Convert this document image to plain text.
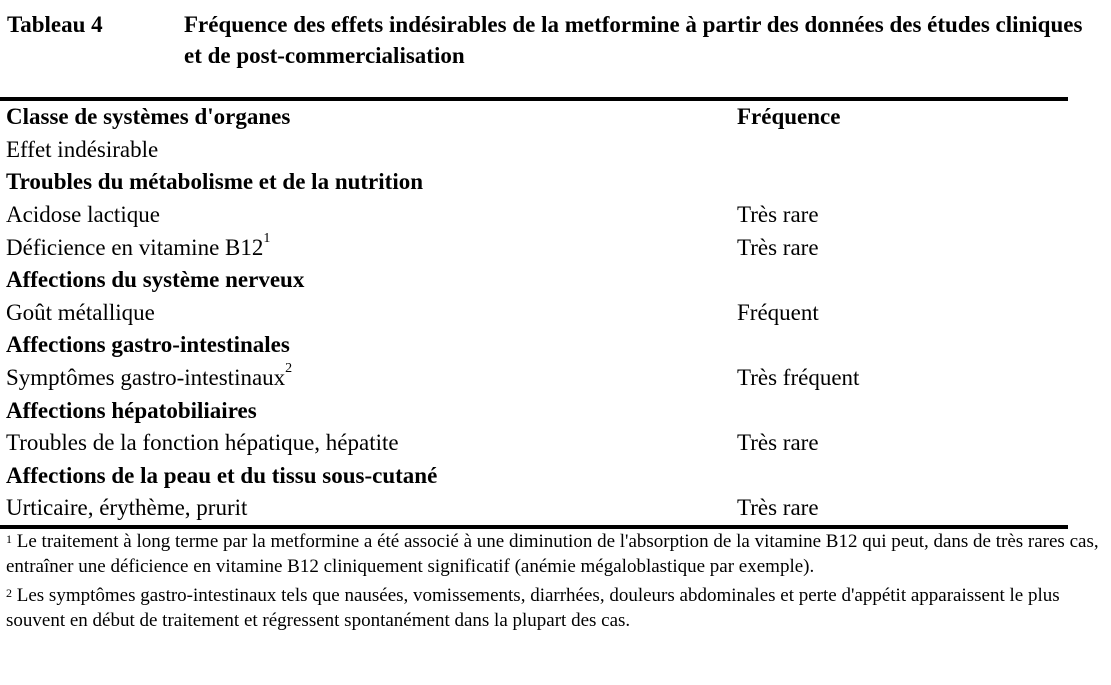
Tableau 4	Fréquence des effets indésirables de la metformine à partir des données des études cliniques et de post-commercialisation
Classe de systèmes d'organes	Fréquence
Effet indésirable
Troubles du métabolisme et de la nutrition
Acidose lactique	Très rare
Déficience en vitamine $B12^1$	Très rare
Affections du système nerveux
Goût métallique	Fréquent
Affections gastro-intestinales
Symptômes gastro-intestinaux$^2$	Très fréquent
Affections hépatobiliaires
Troubles de la fonction hépatique, hépatite	Très rare
Affections de la peau et du tissu sous-cutané
Urticaire, érythème, prurit	Très rare

$^1$ Le traitement à long terme par la metformine a été associé à une diminution de l'absorption de la vitamine B12 qui peut, dans de très rares cas, entraîner une déficience en vitamine B12 cliniquement significatif (anémie mégaloblastique par exemple).

$^2$ Les symptômes gastro-intestinaux tels que nausées, vomissements, diarrhées, douleurs abdominales et perte d'appétit apparaissent le plus souvent en début de traitement et régressent spontanément dans la plupart des cas.
